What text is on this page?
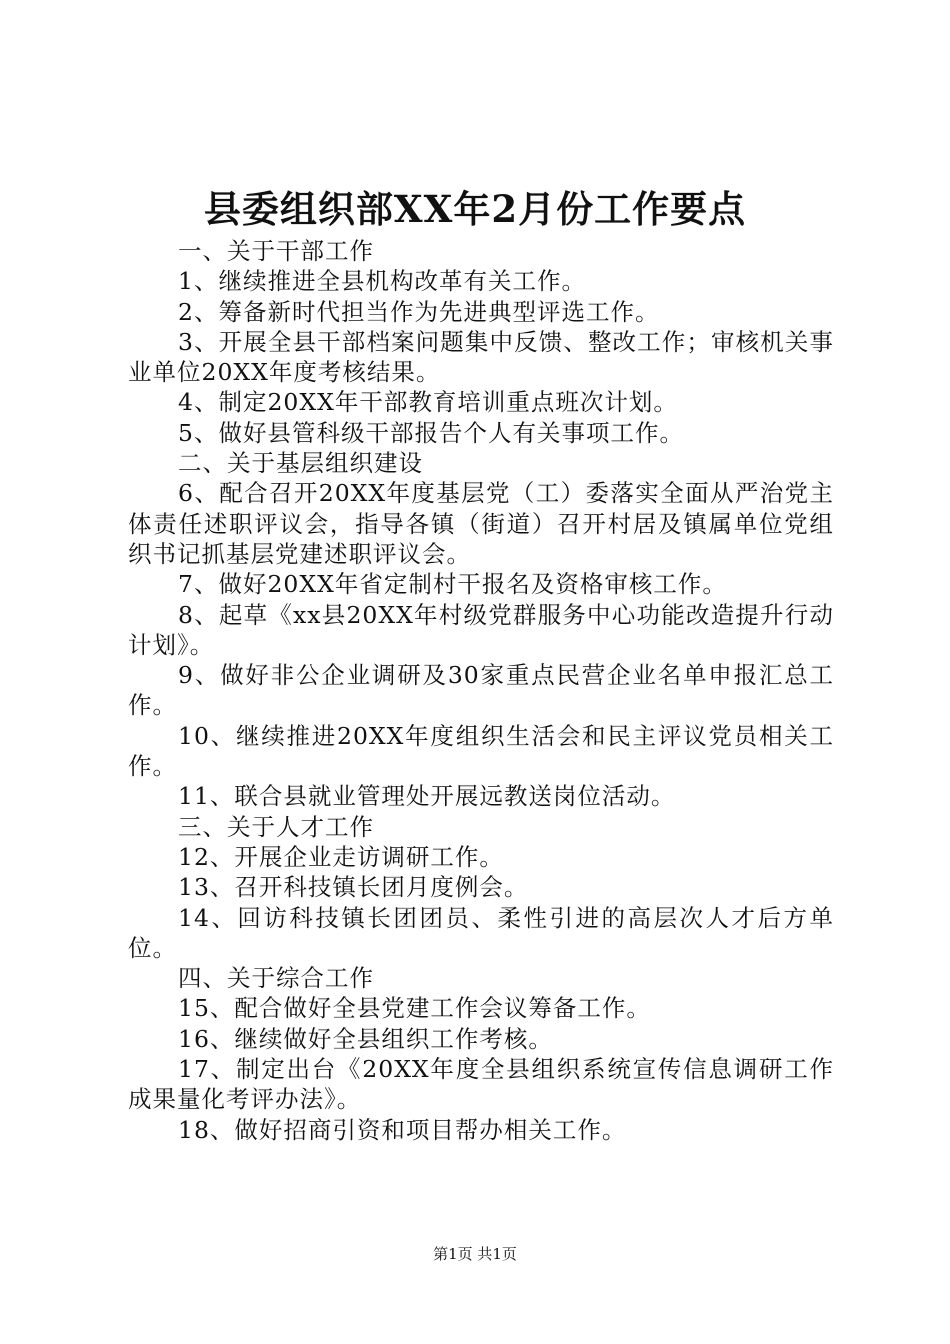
县委组织部XX年2月份工作要点

一、关于干部工作

1、继续推进全县机构改革有关工作。

2、筹备新时代担当作为先进典型评选工作。

3、开展全县干部档案问题集中反馈、整改工作；审核机关事业单位20XX年度考核结果。

4、制定20XX年干部教育培训重点班次计划。

5、做好县管科级干部报告个人有关事项工作。

二、关于基层组织建设

6、配合召开20XX年度基层党（工）委落实全面从严治党主体责任述职评议会，指导各镇（街道）召开村居及镇属单位党组织书记抓基层党建述职评议会。

7、做好20XX年省定制村干报名及资格审核工作。

8、起草《xx县20XX年村级党群服务中心功能改造提升行动计划》。

9、做好非公企业调研及30家重点民营企业名单申报汇总工作。

10、继续推进20XX年度组织生活会和民主评议党员相关工作。

11、联合县就业管理处开展远教送岗位活动。

三、关于人才工作

12、开展企业走访调研工作。

13、召开科技镇长团月度例会。

14、回访科技镇长团团员、柔性引进的高层次人才后方单位。

四、关于综合工作

15、配合做好全县党建工作会议筹备工作。

16、继续做好全县组织工作考核。

17、制定出台《20XX年度全县组织系统宣传信息调研工作成果量化考评办法》。

18、做好招商引资和项目帮办相关工作。

第1页 共1页
